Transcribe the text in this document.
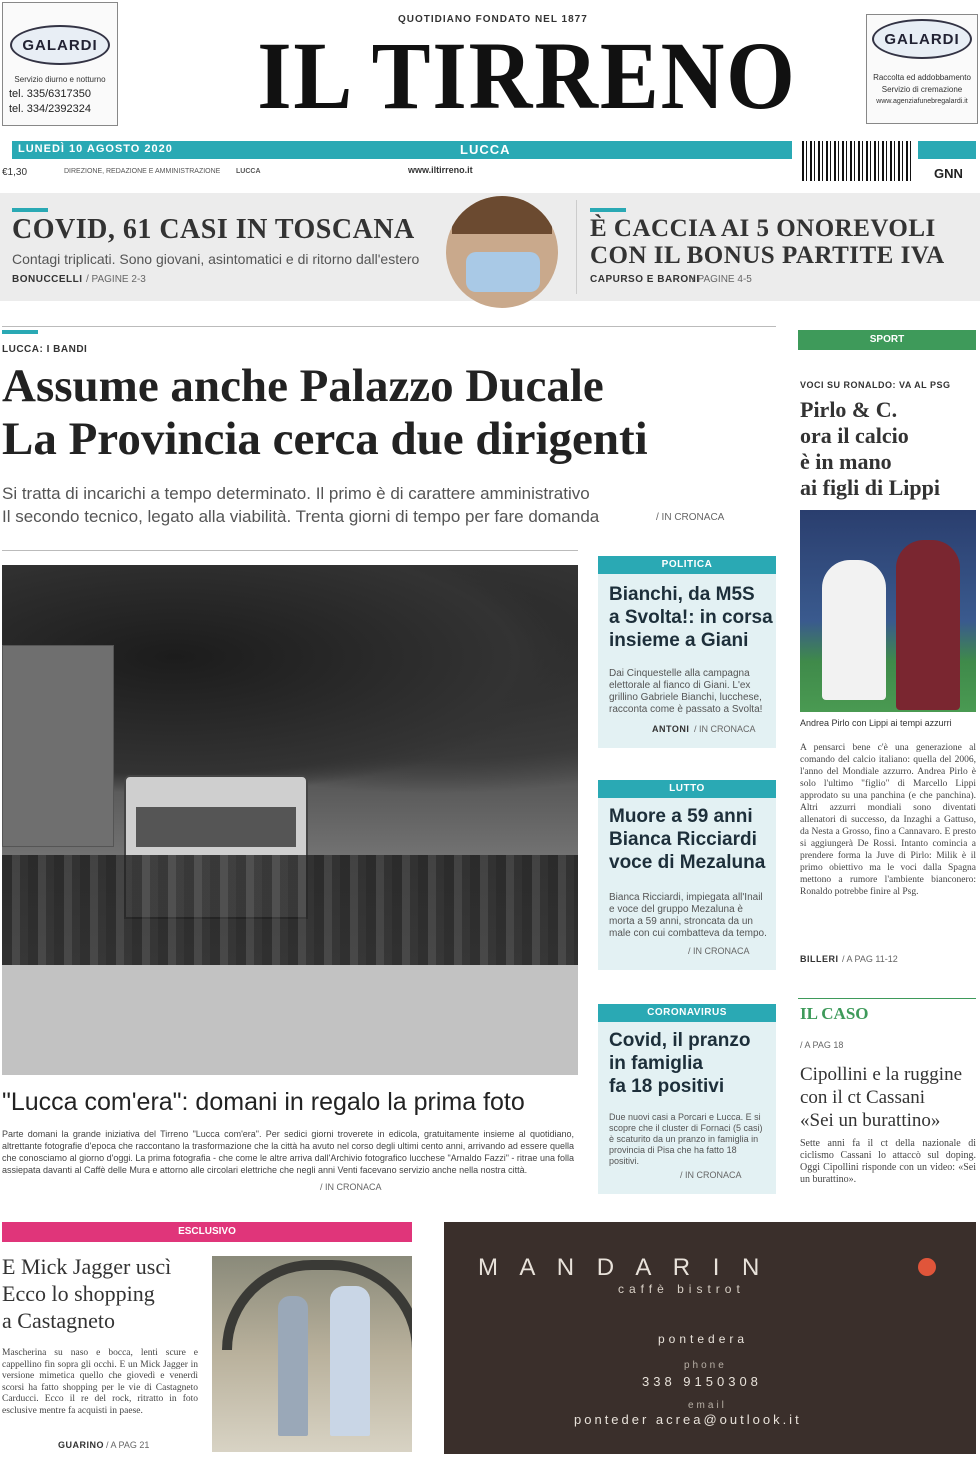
GALARDI
Servizio diurno e notturno
tel. 335/6317350
tel. 334/2392324
QUOTIDIANO FONDATO NEL 1877
IL TIRRENO	GALARDI
Raccolta ed addobbamento
Servizio di cremazione
www.agenziafunebregalardi.it
LUNEDÌ 10 AGOSTO 2020	LUCCA
GNN
€1,30	DIREZIONE, REDAZIONE E AMMINISTRAZIONE	LUCCA	www.iltirreno.it
COVID, 61 CASI IN TOSCANA
Contagi triplicati. Sono giovani, asintomatici e di ritorno dall'estero
BONUCCELLI / PAGINE 2-3
È CACCIA AI 5 ONOREVOLI
CON IL BONUS PARTITE IVA
CAPURSO E BARONI
/ PAGINE 4-5
LUCCA: I BANDI
Assume anche Palazzo Ducale
La Provincia cerca due dirigenti
Si tratta di incarichi a tempo determinato. Il primo è di carattere amministrativo
Il secondo tecnico, legato alla viabilità. Trenta giorni di tempo per fare domanda	/ IN CRONACA
"Lucca com'era": domani in regalo la prima foto
Parte domani la grande iniziativa del Tirreno "Lucca com'era". Per sedici giorni troverete in edicola, gratuitamente insieme al quotidiano, altrettante fotografie d'epoca che raccontano la trasformazione che la città ha avuto nel corso degli ultimi cento anni, arrivando ad essere quella che conosciamo al giorno d'oggi. La prima fotografia - che come le altre arriva dall'Archivio fotografico lucchese "Arnaldo Fazzi" - ritrae una folla assiepata davanti al Caffè delle Mura e attorno alle circolari elettriche che negli anni Venti facevano servizio anche nella nostra città.
/ IN CRONACA
POLITICA
Bianchi, da M5S
a Svolta!: in corsa
insieme a Giani
Dai Cinquestelle alla campagna elettorale al fianco di Giani. L'ex grillino Gabriele Bianchi, lucchese, racconta come è passato a Svolta!
ANTONI / IN CRONACA
LUTTO
Muore a 59 anni
Bianca Ricciardi
voce di Mezaluna
Bianca Ricciardi, impiegata all'Inail e voce del gruppo Mezaluna è morta a 59 anni, stroncata da un male con cui combatteva da tempo.
/ IN CRONACA
CORONAVIRUS
Covid, il pranzo
in famiglia
fa 18 positivi
Due nuovi casi a Porcari e Lucca. E si scopre che il cluster di Fornaci (5 casi) è scaturito da un pranzo in famiglia in provincia di Pisa che ha fatto 18 positivi.
/ IN CRONACA
SPORT
VOCI SU RONALDO: VA AL PSG
Pirlo & C.
ora il calcio
è in mano
ai figli di Lippi
Andrea Pirlo con Lippi ai tempi azzurri
A pensarci bene c'è una generazione al comando del calcio italiano: quella del 2006, l'anno del Mondiale azzurro. Andrea Pirlo è solo l'ultimo "figlio" di Marcello Lippi approdato su una panchina (e che panchina). Altri azzurri mondiali sono diventati allenatori di successo, da Inzaghi a Gattuso, da Nesta a Grosso, fino a Cannavaro. E presto si aggiungerà De Rossi. Intanto comincia a prendere forma la Juve di Pirlo: Milik è il primo obiettivo ma le voci dalla Spagna mettono a rumore l'ambiente bianconero: Ronaldo potrebbe finire al Psg.
BILLERI / A PAG 11-12
IL CASO
/ A PAG 18
Cipollini e la ruggine
con il ct Cassani
«Sei un burattino»
Sette anni fa il ct della nazionale di ciclismo Cassani lo attaccò sul doping. Oggi Cipollini risponde con un video: «Sei un burattino».
ESCLUSIVO
E Mick Jagger uscì
Ecco lo shopping
a Castagneto
Mascherina su naso e bocca, lenti scure e cappellino fin sopra gli occhi. E un Mick Jagger in versione mimetica quello che giovedì e venerdì scorsi ha fatto shopping per le vie di Castagneto Carducci. Ecco il re del rock, ritratto in foto esclusive mentre fa acquisti in paese.
GUARINO / A PAG 21
M A N D A R I N
caffè bistrot
pontedera
phone
338 9150308
email
ponteder acrea@outlook.it
